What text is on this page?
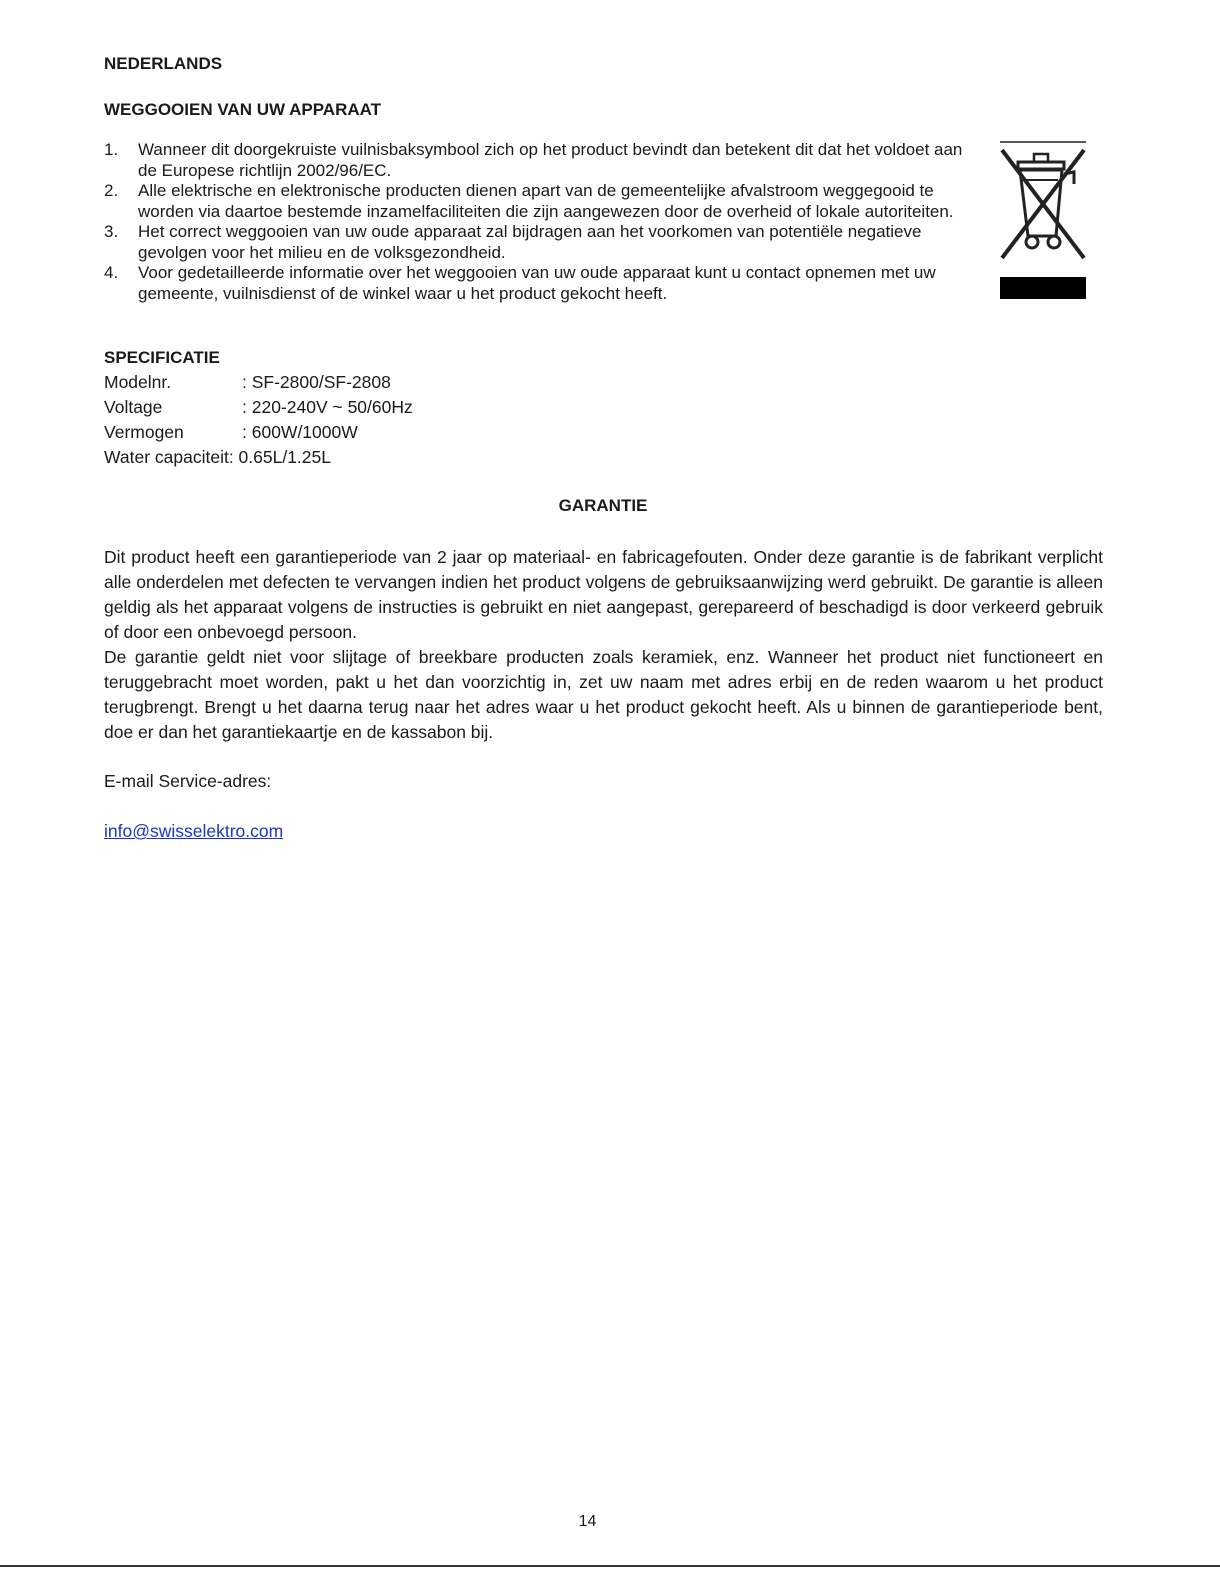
NEDERLANDS
WEGGOOIEN VAN UW APPARAAT
1. Wanneer dit doorgekruiste vuilnisbaksymbool zich op het product bevindt dan betekent dit dat het voldoet aan de Europese richtlijn 2002/96/EC.
2. Alle elektrische en elektronische producten dienen apart van de gemeentelijke afvalstroom weggegooid te worden via daartoe bestemde inzamelfaciliteiten die zijn aangewezen door de overheid of lokale autoriteiten.
3. Het correct weggooien van uw oude apparaat zal bijdragen aan het voorkomen van potentiële negatieve gevolgen voor het milieu en de volksgezondheid.
4. Voor gedetailleerde informatie over het weggooien van uw oude apparaat kunt u contact opnemen met uw gemeente, vuilnisdienst of de winkel waar u het product gekocht heeft.
SPECIFICATIE
Modelnr.	: SF-2800/SF-2808
Voltage	: 220-240V ~ 50/60Hz
Vermogen	: 600W/1000W
Water capaciteit: 0.65L/1.25L
GARANTIE

Dit product heeft een garantieperiode van 2 jaar op materiaal- en fabricagefouten. Onder deze garantie is de fabrikant verplicht alle onderdelen met defecten te vervangen indien het product volgens de gebruiksaanwijzing werd gebruikt. De garantie is alleen geldig als het apparaat volgens de instructies is gebruikt en niet aangepast, gerepareerd of beschadigd is door verkeerd gebruik of door een onbevoegd persoon.

De garantie geldt niet voor slijtage of breekbare producten zoals keramiek, enz. Wanneer het product niet functioneert en teruggebracht moet worden, pakt u het dan voorzichtig in, zet uw naam met adres erbij en de reden waarom u het product terugbrengt. Brengt u het daarna terug naar het adres waar u het product gekocht heeft. Als u binnen de garantieperiode bent, doe er dan het garantiekaartje en de kassabon bij.

E-mail Service-adres:
info@swisselektro.com
14
